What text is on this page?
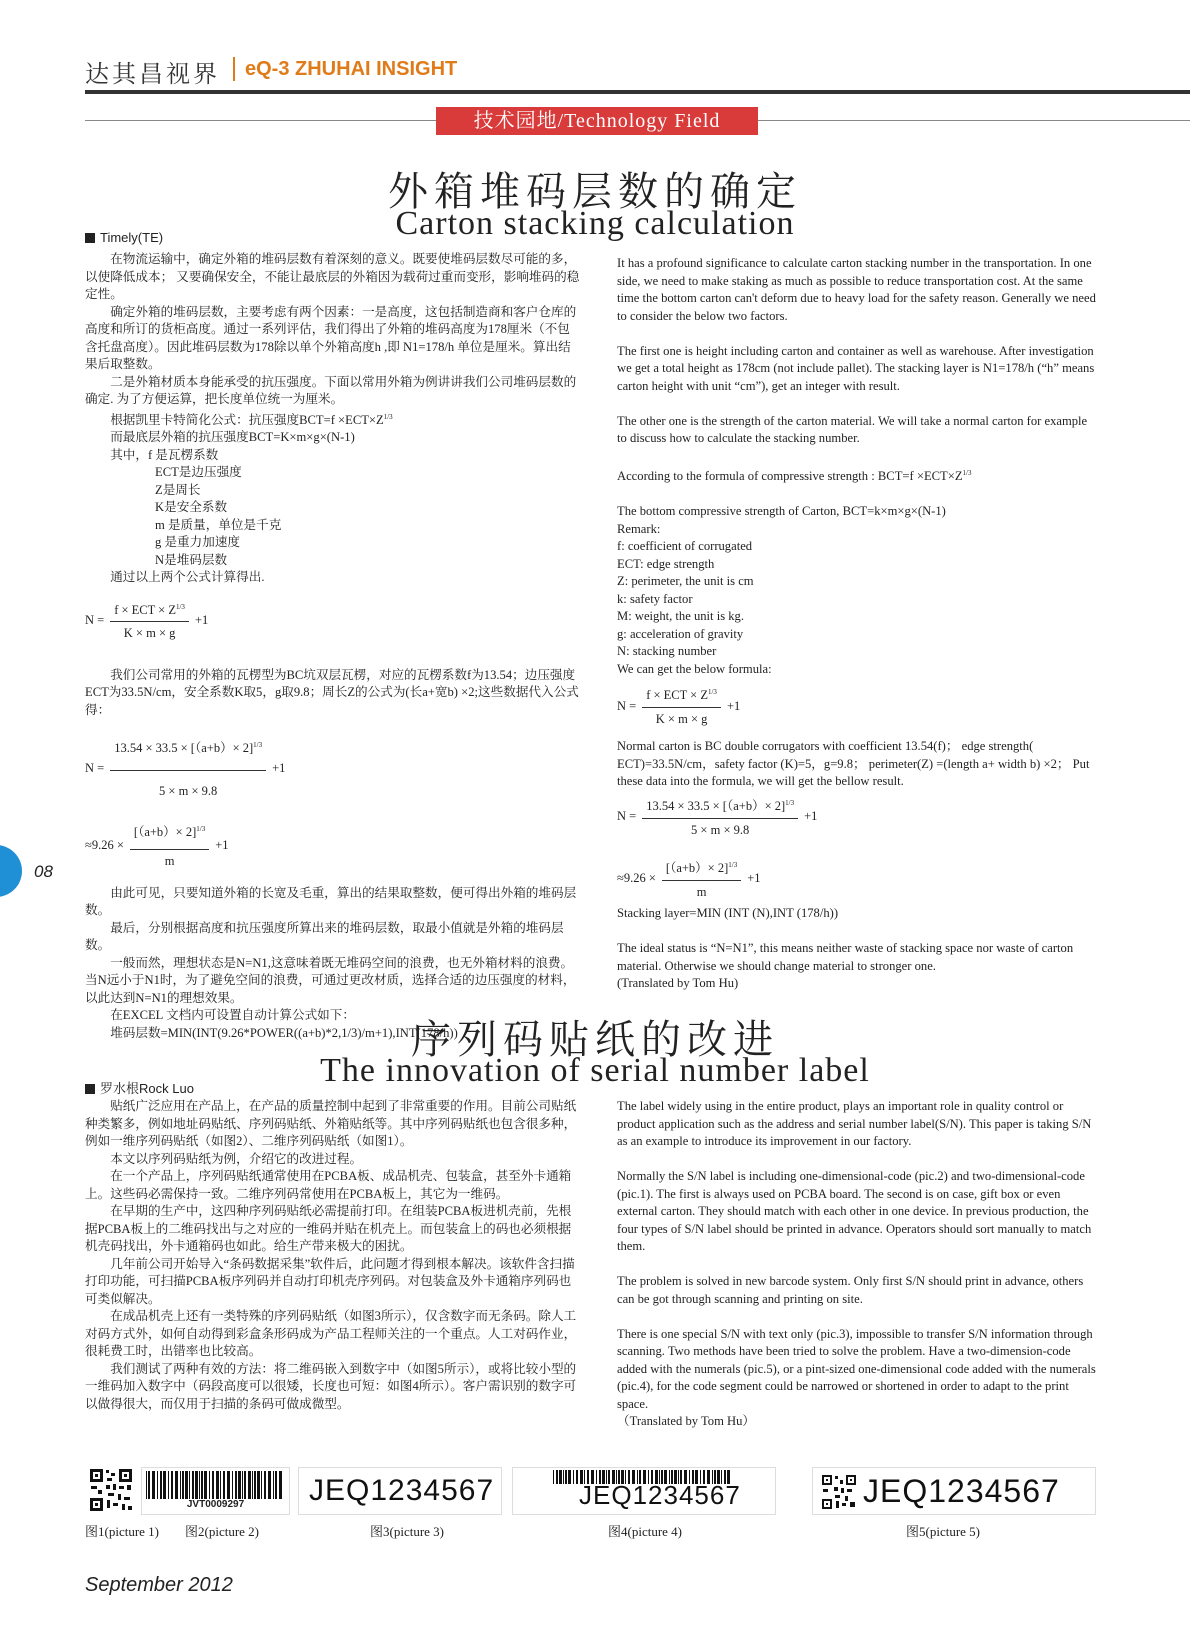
达其昌视界 eQ-3 ZHUHAI INSIGHT
技术园地/Technology Field
外箱堆码层数的确定
Carton stacking calculation
Timely(TE)

在物流运输中，确定外箱的堆码层数有着深刻的意义。既要使堆码层数尽可能的多，以使降低成本； 又要确保安全，不能让最底层的外箱因为载荷过重而变形，影响堆码的稳定性。

确定外箱的堆码层数，主要考虑有两个因素：一是高度，这包括制造商和客户仓库的高度和所订的货柜高度。通过一系列评估，我们得出了外箱的堆码高度为178厘米（不包含托盘高度）。因此堆码层数为178除以单个外箱高度h ,即 N1=178/h 单位是厘米。算出结果后取整数。

二是外箱材质本身能承受的抗压强度。下面以常用外箱为例讲讲我们公司堆码层数的确定. 为了方便运算，把长度单位统一为厘米。

根据凯里卡特简化公式：抗压强度$BCT=f \times ECT\times Z^{1/3}$

而最底层外箱的抗压强度BCT=K×m×g×(N-1)

其中，f 是瓦楞系数

ECT是边压强度

Z是周长

K是安全系数

m 是质量，单位是千克

g 是重力加速度

N是堆码层数

通过以上两个公式计算得出.

$N = \frac{f \times ECT \times Z^{1/3}}{K \times m \times g} +1$

我们公司常用的外箱的瓦楞型为BC坑双层瓦楞，对应的瓦楞系数f为13.54；边压强度ECT为33.5N/cm，安全系数K取5，g取9.8；周长Z的公式为(长a+宽b) ×2;这些数据代入公式得：

$N = \frac{13.54 \times 33.5 \times [(a+b)\times 2]^{1/3}}{5 \times m \times 9.8} +1$
$\approx 9.26 \times \frac{[(a+b)\times 2]^{1/3}}{m} +1$

由此可见，只要知道外箱的长宽及毛重，算出的结果取整数，便可得出外箱的堆码层数。

最后，分别根据高度和抗压强度所算出来的堆码层数，取最小值就是外箱的堆码层数。

一般而然，理想状态是N=N1,这意味着既无堆码空间的浪费，也无外箱材料的浪费。当N远小于N1时，为了避免空间的浪费，可通过更改材质，选择合适的边压强度的材料，以此达到N=N1的理想效果。

在EXCEL 文档内可设置自动计算公式如下：

堆码层数=MIN(INT(9.26*POWER((a+b)*2,1/3)/m+1),INT(178/h))

It has a profound significance to calculate carton stacking number in the transportation. In one side, we need to make staking as much as possible to reduce transportation cost. At the same time the bottom carton can't deform due to heavy load for the safety reason. Generally we need to consider the below two factors.

The first one is height including carton and container as well as warehouse. After investigation we get a total height as 178cm (not include pallet). The stacking layer is N1=178/h (“h” means carton height with unit “cm”), get an integer with result.

The other one is the strength of the carton material. We will take a normal carton for example to discuss how to calculate the stacking number.

According to the formula of compressive strength : $BCT=f \times ECT\times Z^{1/3}$

The bottom compressive strength of Carton, BCT=k×m×g×(N-1)

Remark:

f: coefficient of corrugated

ECT: edge strength

Z: perimeter, the unit is cm

k: safety factor

M: weight, the unit is kg.

g: acceleration of gravity

N: stacking number

We can get the below formula:

$N = \frac{f \times ECT \times Z^{1/3}}{K \times m \times g} +1$

Normal carton is BC double corrugators with coefficient 13.54(f)； edge strength( ECT)=33.5N/cm，safety factor (K)=5，g=9.8； perimeter(Z) =(length a+ width b) ×2； Put these data into the formula, we will get the bellow result.

$N = \frac{13.54 \times 33.5 \times [(a+b)\times 2]^{1/3}}{5 \times m \times 9.8} +1$
$\approx 9.26 \times \frac{[(a+b)\times 2]^{1/3}}{m} +1$

Stacking layer=MIN (INT (N),INT (178/h))

The ideal status is “N=N1”, this means neither waste of stacking space nor waste of carton material. Otherwise we should change material to stronger one.

(Translated by Tom Hu)

08
序列码贴纸的改进
The innovation of serial number label
罗水根Rock Luo

贴纸广泛应用在产品上，在产品的质量控制中起到了非常重要的作用。目前公司贴纸种类繁多，例如地址码贴纸、序列码贴纸、外箱贴纸等。其中序列码贴纸也包含很多种，例如一维序列码贴纸（如图2）、二维序列码贴纸（如图1）。

本文以序列码贴纸为例，介绍它的改进过程。

在一个产品上，序列码贴纸通常使用在PCBA板、成品机壳、包装盒，甚至外卡通箱上。这些码必需保持一致。二维序列码常使用在PCBA板上，其它为一维码。

在早期的生产中，这四种序列码贴纸必需提前打印。在组装PCBA板进机壳前，先根据PCBA板上的二维码找出与之对应的一维码并贴在机壳上。而包装盒上的码也必须根据机壳码找出，外卡通箱码也如此。给生产带来极大的困扰。

几年前公司开始导入“条码数据采集”软件后，此问题才得到根本解决。该软件含扫描打印功能，可扫描PCBA板序列码并自动打印机壳序列码。对包装盒及外卡通箱序列码也可类似解决。

在成品机壳上还有一类特殊的序列码贴纸（如图3所示），仅含数字而无条码。除人工对码方式外，如何自动得到彩盒条形码成为产品工程师关注的一个重点。人工对码作业，很耗费工时，出错率也比较高。

我们测试了两种有效的方法：将二维码嵌入到数字中（如图5所示），或将比较小型的一维码加入数字中（码段高度可以很矮，长度也可短：如图4所示）。客户需识别的数字可以做得很大，而仅用于扫描的条码可做成微型。

The label widely using in the entire product, plays an important role in quality control or product application such as the address and serial number label(S/N). This paper is taking S/N as an example to introduce its improvement in our factory.

Normally the S/N label is including one-dimensional-code (pic.2) and two-dimensional-code (pic.1). The first is always used on PCBA board. The second is on case, gift box or even external carton. They should match with each other in one device. In previous production, the four types of S/N label should be printed in advance. Operators should sort manually to match them.

The problem is solved in new barcode system. Only first S/N should print in advance, others can be got through scanning and printing on site.

There is one special S/N with text only (pic.3), impossible to transfer S/N information through scanning. Two methods have been tried to solve the problem. Have a two-dimension-code added with the numerals (pic.5), or a pint-sized one-dimensional code added with the numerals (pic.4), for the code segment could be narrowed or shortened in order to adapt to the print space.

（Translated by Tom Hu）

JVT0009297	JEQ1234567	JEQ1234567	JEQ1234567
图1(picture 1) 图2(picture 2)	图3(picture 3)	图4(picture 4)	图5(picture 5)
September 2012
